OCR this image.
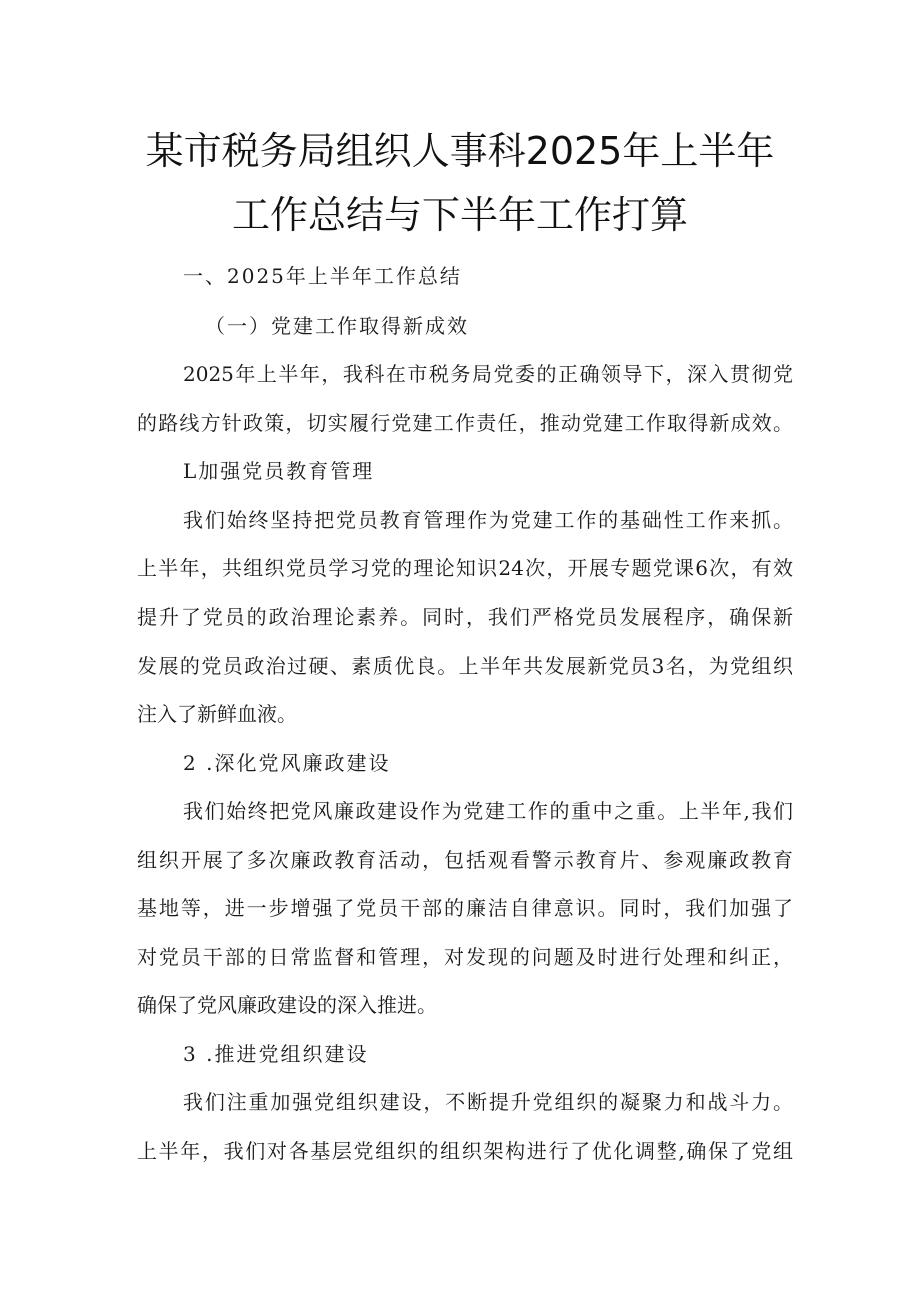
某市税务局组织人事科2025年上半年
工作总结与下半年工作打算
一、2025年上半年工作总结
（一）党建工作取得新成效
2025年上半年，我科在市税务局党委的正确领导下，深入贯彻党
的路线方针政策，切实履行党建工作责任，推动党建工作取得新成效。
L加强党员教育管理
我们始终坚持把党员教育管理作为党建工作的基础性工作来抓。
上半年，共组织党员学习党的理论知识24次，开展专题党课6次，有效
提升了党员的政治理论素养。同时，我们严格党员发展程序，确保新
发展的党员政治过硬、素质优良。上半年共发展新党员3名，为党组织
注入了新鲜血液。
2 .深化党风廉政建设
我们始终把党风廉政建设作为党建工作的重中之重。上半年,我们
组织开展了多次廉政教育活动，包括观看警示教育片、参观廉政教育
基地等，进一步增强了党员干部的廉洁自律意识。同时，我们加强了
对党员干部的日常监督和管理，对发现的问题及时进行处理和纠正，
确保了党风廉政建设的深入推进。
3 .推进党组织建设
我们注重加强党组织建设，不断提升党组织的凝聚力和战斗力。
上半年，我们对各基层党组织的组织架构进行了优化调整,确保了党组
